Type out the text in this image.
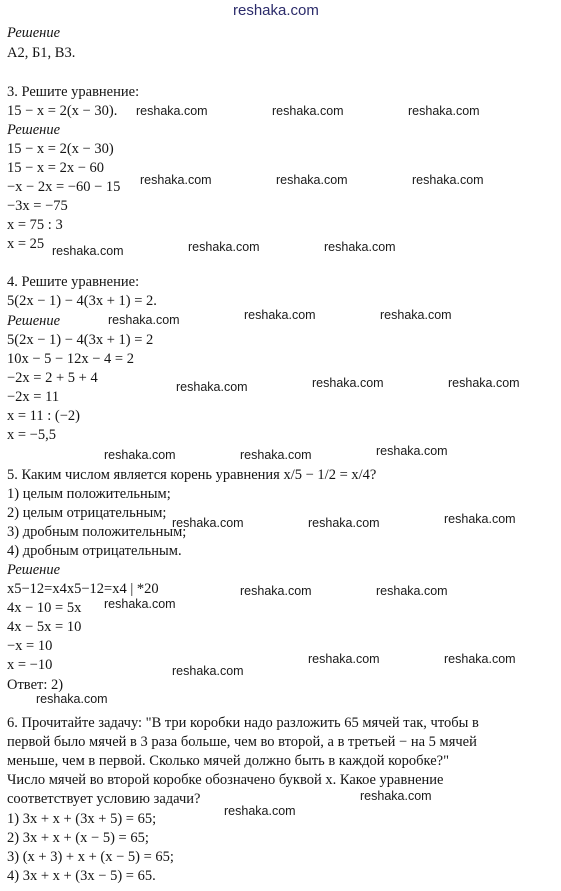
reshaka.com
Решение
А2, Б1, В3.
3. Решите уравнение:
15 − x = 2(x − 30).
Решение
15 − x = 2(x − 30)
15 − x = 2x − 60
−x − 2x = −60 − 15
−3x = −75
x = 75 : 3
x = 25
4. Решите уравнение:
5(2x − 1) − 4(3x + 1) = 2.
Решение
5(2x − 1) − 4(3x + 1) = 2
10x − 5 − 12x − 4 = 2
−2x = 2 + 5 + 4
−2x = 11
x = 11 : (−2)
x = −5,5
5. Каким числом является корень уравнения x/5 − 1/2 = x/4?
1) целым положительным;
2) целым отрицательным;
3) дробным положительным;
4) дробным отрицательным.
Решение
x5−12=x4x5−12=x4 | *20
4x − 10 = 5x
4x − 5x = 10
−x = 10
x = −10
Ответ: 2)
6. Прочитайте задачу: "В три коробки надо разложить 65 мячей так, чтобы в
первой было мячей в 3 раза больше, чем во второй, а в третьей − на 5 мячей
меньше, чем в первой. Сколько мячей должно быть в каждой коробке?"
Число мячей во второй коробке обозначено буквой x. Какое уравнение
соответствует условию задачи?
1) 3x + x + (3x + 5) = 65;
2) 3x + x + (x − 5) = 65;
3) (x + 3) + x + (x − 5) = 65;
4) 3x + x + (3x − 5) = 65.
reshaka.com	reshaka.com	reshaka.com
reshaka.com	reshaka.com	reshaka.com
reshaka.com	reshaka.com	reshaka.com
reshaka.com	reshaka.com	reshaka.com
reshaka.com	reshaka.com	reshaka.com
reshaka.com	reshaka.com	reshaka.com
reshaka.com	reshaka.com	reshaka.com
reshaka.com	reshaka.com
reshaka.com
reshaka.com
reshaka.com	reshaka.com
reshaka.com
reshaka.com
reshaka.com
